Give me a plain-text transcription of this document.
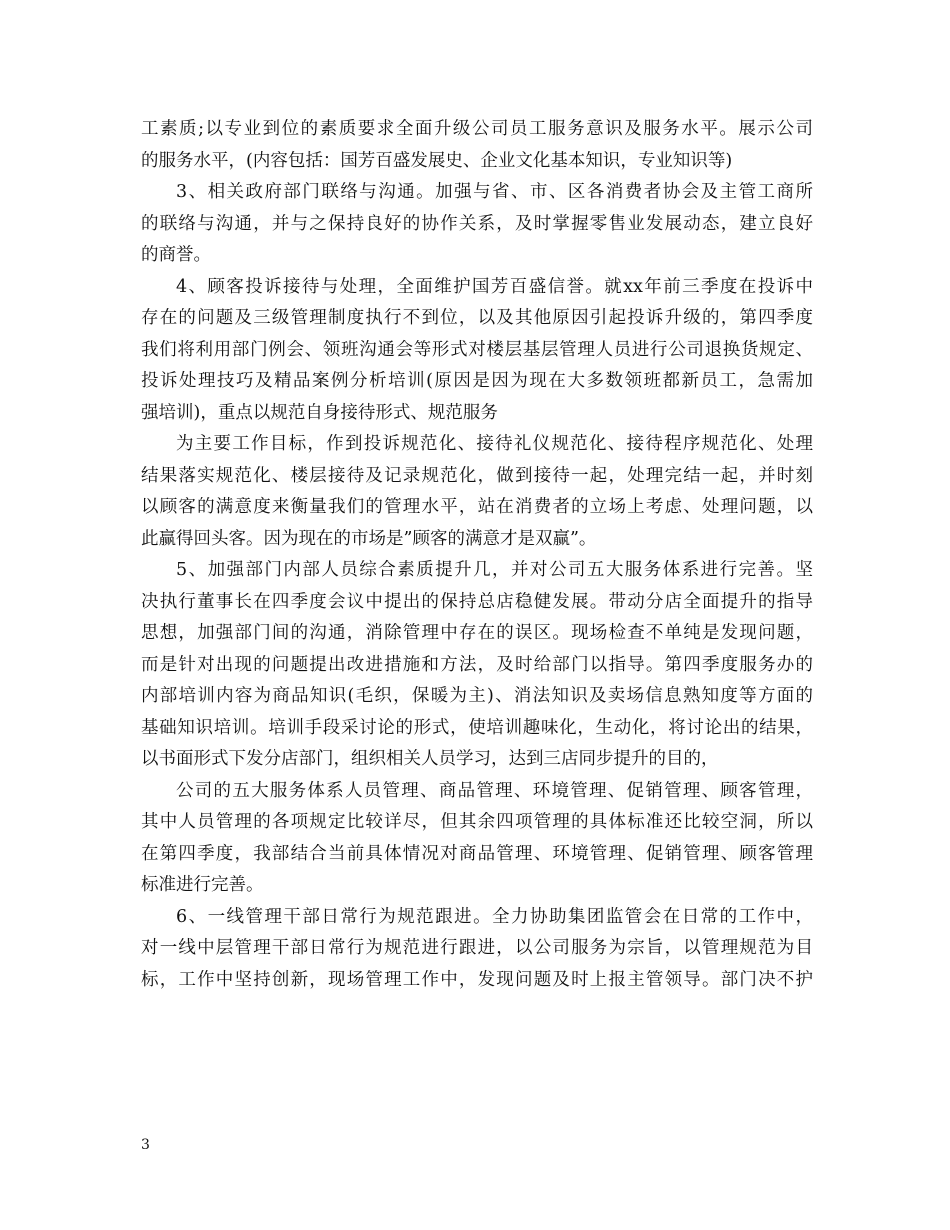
工素质;以专业到位的素质要求全面升级公司员工服务意识及服务水平。展示公司
的服务水平，(内容包括：国芳百盛发展史、企业文化基本知识，专业知识等)

3、相关政府部门联络与沟通。加强与省、市、区各消费者协会及主管工商所
的联络与沟通，并与之保持良好的协作关系，及时掌握零售业发展动态，建立良好
的商誉。

4、顾客投诉接待与处理，全面维护国芳百盛信誉。就xx年前三季度在投诉中
存在的问题及三级管理制度执行不到位，以及其他原因引起投诉升级的，第四季度
我们将利用部门例会、领班沟通会等形式对楼层基层管理人员进行公司退换货规定、
投诉处理技巧及精品案例分析培训(原因是因为现在大多数领班都新员工，急需加
强培训)，重点以规范自身接待形式、规范服务

为主要工作目标，作到投诉规范化、接待礼仪规范化、接待程序规范化、处理
结果落实规范化、楼层接待及记录规范化，做到接待一起，处理完结一起，并时刻
以顾客的满意度来衡量我们的管理水平，站在消费者的立场上考虑、处理问题，以
此赢得回头客。因为现在的市场是”顾客的满意才是双赢”。

5、加强部门内部人员综合素质提升几，并对公司五大服务体系进行完善。坚
决执行董事长在四季度会议中提出的保持总店稳健发展。带动分店全面提升的指导
思想，加强部门间的沟通，消除管理中存在的误区。现场检查不单纯是发现问题，
而是针对出现的问题提出改进措施和方法，及时给部门以指导。第四季度服务办的
内部培训内容为商品知识(毛织，保暖为主)、消法知识及卖场信息熟知度等方面的
基础知识培训。培训手段采讨论的形式，使培训趣味化，生动化，将讨论出的结果，
以书面形式下发分店部门，组织相关人员学习，达到三店同步提升的目的，

公司的五大服务体系人员管理、商品管理、环境管理、促销管理、顾客管理，
其中人员管理的各项规定比较详尽，但其余四项管理的具体标准还比较空洞，所以
在第四季度，我部结合当前具体情况对商品管理、环境管理、促销管理、顾客管理
标准进行完善。

6、一线管理干部日常行为规范跟进。全力协助集团监管会在日常的工作中，
对一线中层管理干部日常行为规范进行跟进，以公司服务为宗旨，以管理规范为目
标，工作中坚持创新，现场管理工作中，发现问题及时上报主管领导。部门决不护

3
